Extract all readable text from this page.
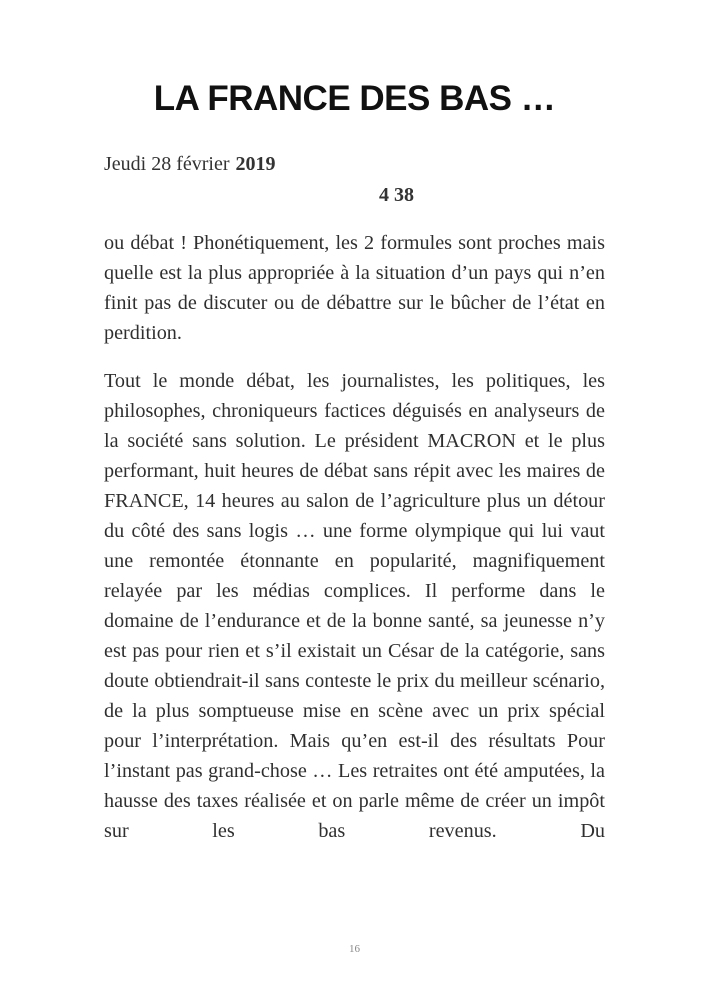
LA FRANCE DES BAS …
Jeudi 28 février 2019
4 38

ou débat ! Phonétiquement, les 2 formules sont proches mais quelle est la plus appropriée à la situation d’un pays qui n’en finit pas de discuter ou de débattre sur le bûcher de l’état en perdition.

Tout le monde débat, les journalistes, les politiques, les philosophes, chroniqueurs factices déguisés en analyseurs de la société sans solution. Le président MACRON et le plus performant, huit heures de débat sans répit avec les maires de FRANCE, 14 heures au salon de l’agriculture plus un détour du côté des sans logis … une forme olympique qui lui vaut une remontée étonnante en popularité, magnifiquement relayée par les médias complices. Il performe dans le domaine de l’endurance et de la bonne santé, sa jeunesse n’y est pas pour rien et s’il existait un César de la catégorie, sans doute obtiendrait-il sans conteste le prix du meilleur scénario, de la plus somptueuse mise en scène avec un prix spécial pour l’interprétation. Mais qu’en est-il des résultats Pour l’instant pas grand-chose … Les retraites ont été amputées, la hausse des taxes réalisée et on parle même de créer un impôt sur les bas revenus. Du

16
